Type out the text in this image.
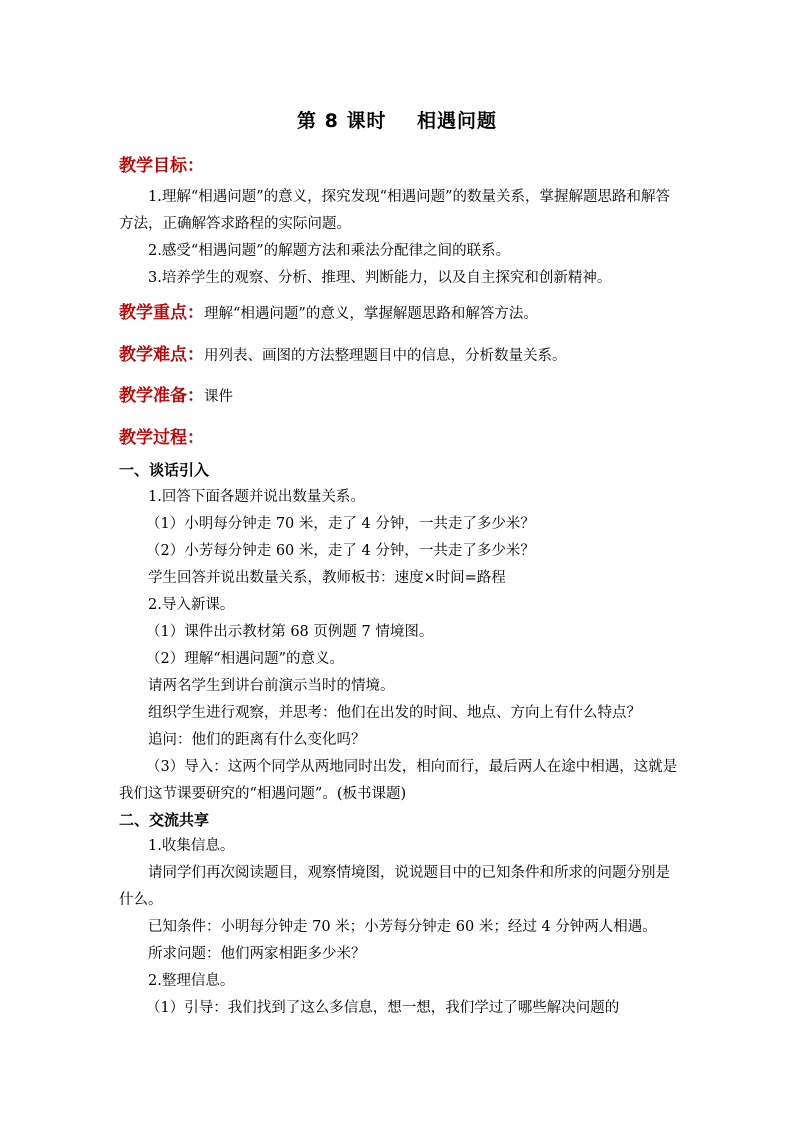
第 8 课时    相遇问题
教学目标：
1.理解“相遇问题”的意义，探究发现“相遇问题”的数量关系，掌握解题思路和解答方法，正确解答求路程的实际问题。
2.感受“相遇问题”的解题方法和乘法分配律之间的联系。
3.培养学生的观察、分析、推理、判断能力，以及自主探究和创新精神。
教学重点：理解“相遇问题”的意义，掌握解题思路和解答方法。
教学难点：用列表、画图的方法整理题目中的信息，分析数量关系。
教学准备：课件
教学过程：
一、谈话引入
1.回答下面各题并说出数量关系。
（1）小明每分钟走 70 米，走了 4 分钟，一共走了多少米？
（2）小芳每分钟走 60 米，走了 4 分钟，一共走了多少米？
学生回答并说出数量关系，教师板书：速度×时间=路程
2.导入新课。
（1）课件出示教材第 68 页例题 7 情境图。
（2）理解“相遇问题”的意义。
请两名学生到讲台前演示当时的情境。
组织学生进行观察，并思考：他们在出发的时间、地点、方向上有什么特点？
追问：他们的距离有什么变化吗？
（3）导入：这两个同学从两地同时出发，相向而行，最后两人在途中相遇，这就是我们这节课要研究的“相遇问题”。(板书课题)
二、交流共享
1.收集信息。
请同学们再次阅读题目，观察情境图，说说题目中的已知条件和所求的问题分别是什么。
已知条件：小明每分钟走 70 米；小芳每分钟走 60 米；经过 4 分钟两人相遇。
所求问题：他们两家相距多少米？
2.整理信息。
（1）引导：我们找到了这么多信息，想一想，我们学过了哪些解决问题的
